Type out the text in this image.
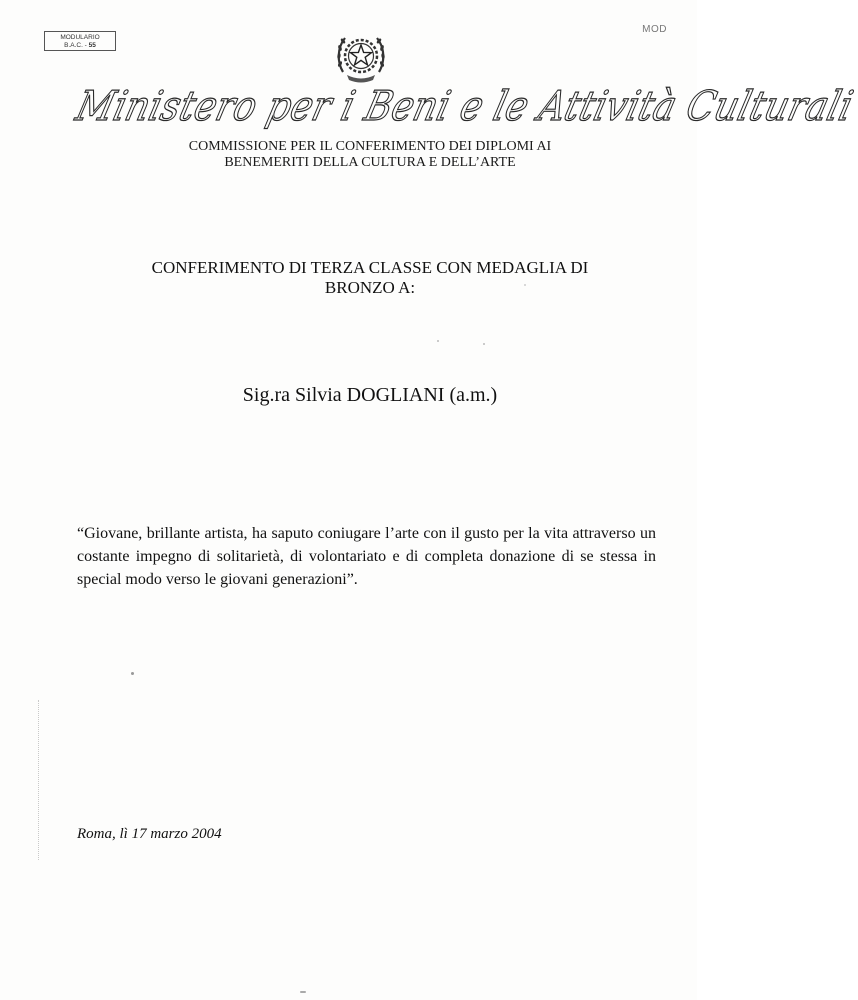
MODULARIO
B.A.C. - 55
MOD
Ministero per i Beni e le Attività Culturali
COMMISSIONE PER IL CONFERIMENTO DEI DIPLOMI AI
BENEMERITI DELLA CULTURA E DELL’ARTE
CONFERIMENTO DI TERZA CLASSE CON MEDAGLIA DI
BRONZO A:
Sig.ra Silvia DOGLIANI (a.m.)
“Giovane, brillante artista, ha saputo coniugare l’arte con il gusto per la vita attraverso un costante impegno di solitarietà, di volontariato e di completa donazione di se stessa in special modo verso le giovani generazioni”.
Roma, lì 17 marzo 2004
